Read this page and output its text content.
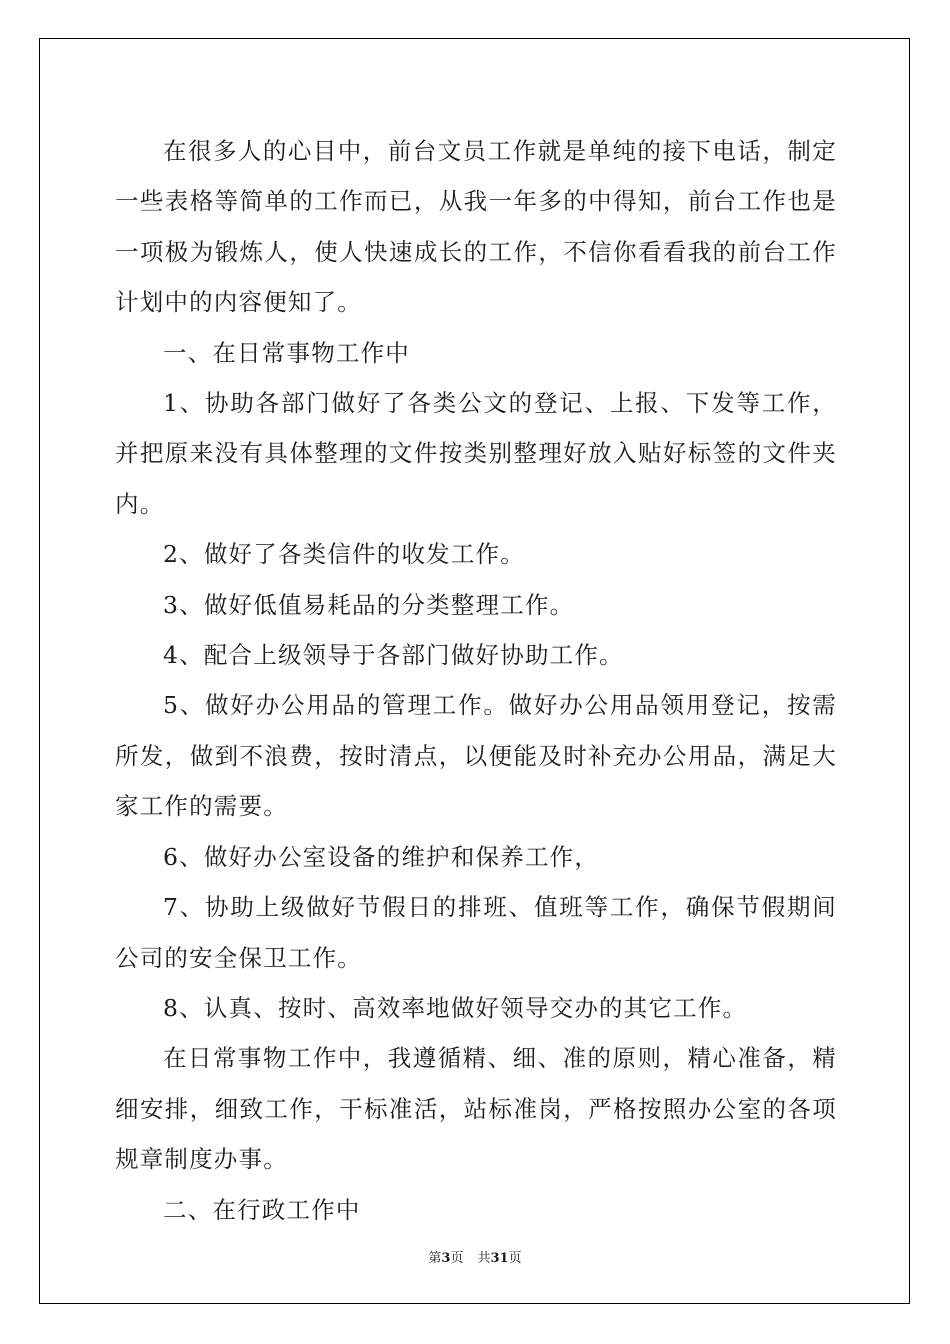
在很多人的心目中，前台文员工作就是单纯的接下电话，制定一些表格等简单的工作而已，从我一年多的中得知，前台工作也是一项极为锻炼人，使人快速成长的工作，不信你看看我的前台工作计划中的内容便知了。

一、在日常事物工作中

1、协助各部门做好了各类公文的登记、上报、下发等工作，并把原来没有具体整理的文件按类别整理好放入贴好标签的文件夹内。

2、做好了各类信件的收发工作。

3、做好低值易耗品的分类整理工作。

4、配合上级领导于各部门做好协助工作。

5、做好办公用品的管理工作。做好办公用品领用登记，按需所发，做到不浪费，按时清点，以便能及时补充办公用品，满足大家工作的需要。

6、做好办公室设备的维护和保养工作，

7、协助上级做好节假日的排班、值班等工作，确保节假期间公司的安全保卫工作。

8、认真、按时、高效率地做好领导交办的其它工作。

在日常事物工作中，我遵循精、细、准的原则，精心准备，精细安排，细致工作，干标准活，站标准岗，严格按照办公室的各项规章制度办事。

二、在行政工作中

第3页 共31页
